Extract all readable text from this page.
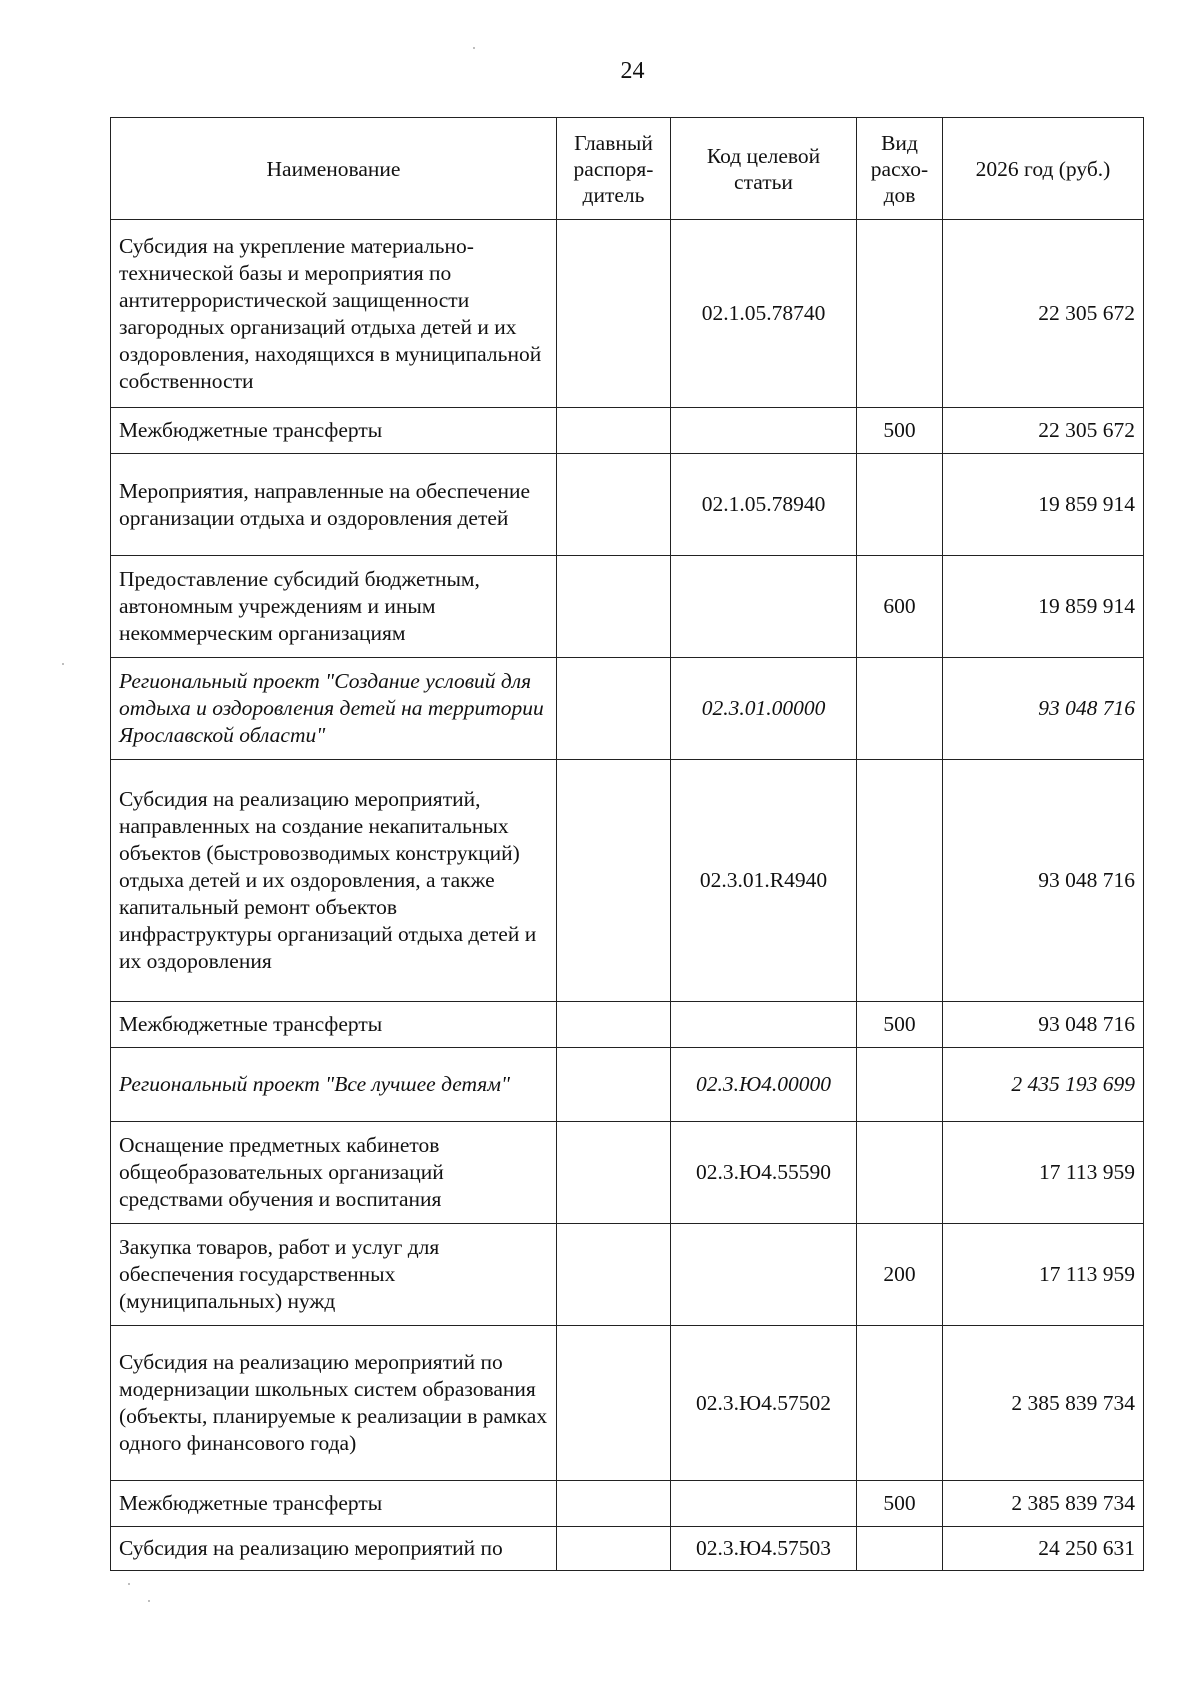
24
Наименование	Главный распоря- дитель	Код целевой статьи	Вид расхо- дов	2026 год (руб.)
Субсидия на укрепление материально-технической базы и мероприятия по антитеррористической защищенности загородных организаций отдыха детей и их оздоровления, находящихся в муниципальной собственности		02.1.05.78740		22 305 672
Межбюджетные трансферты			500	22 305 672
Мероприятия, направленные на обеспечение организации отдыха и оздоровления детей		02.1.05.78940		19 859 914
Предоставление субсидий бюджетным, автономным учреждениям и иным некоммерческим организациям			600	19 859 914
Региональный проект "Создание условий для отдыха и оздоровления детей на территории Ярославской области"		02.3.01.00000		93 048 716
Субсидия на реализацию мероприятий, направленных на создание некапитальных объектов (быстровозводимых конструкций) отдыха детей и их оздоровления, а также капитальный ремонт объектов инфраструктуры организаций отдыха детей и их оздоровления		02.3.01.R4940		93 048 716
Межбюджетные трансферты			500	93 048 716
Региональный проект "Все лучшее детям"		02.3.Ю4.00000		2 435 193 699
Оснащение предметных кабинетов общеобразовательных организаций средствами обучения и воспитания		02.3.Ю4.55590		17 113 959
Закупка товаров, работ и услуг для обеспечения государственных (муниципальных) нужд			200	17 113 959
Субсидия на реализацию мероприятий по модернизации школьных систем образования (объекты, планируемые к реализации в рамках одного финансового года)		02.3.Ю4.57502		2 385 839 734
Межбюджетные трансферты			500	2 385 839 734
Субсидия на реализацию мероприятий по		02.3.Ю4.57503		24 250 631
